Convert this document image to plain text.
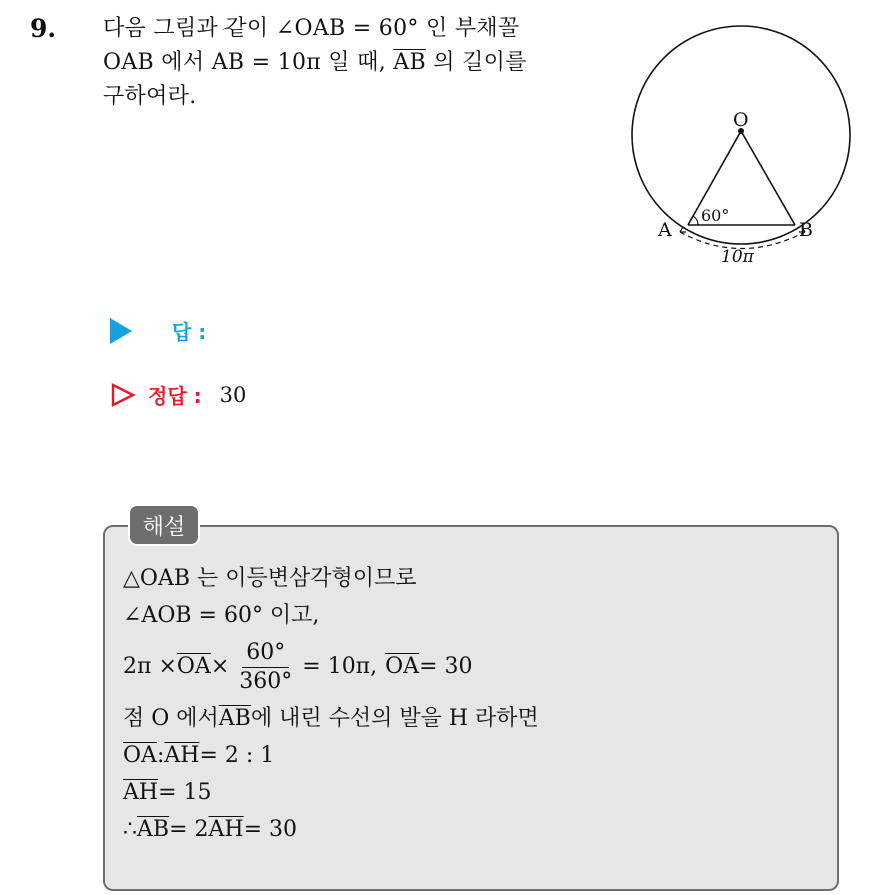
9. 다음 그림과 같이 ∠OAB = 60° 인 부채꼴
OAB 에서 ⌒ AB = 10π 일 때, $\overline{AB}$ 의 길이를
구하여라.
O
A	B
60°
10π
답 :
정답 : 30
해설
△OAB 는 이등변삼각형이므로
∠AOB = 60° 이고,
$2\pi \times \overline{OA} \times \frac{60^\circ}{360^\circ} = 10\pi$, $\overline{OA} = 30$
점 O 에서 $\overline{AB}$ 에 내린 수선의 발을 H 라하면
$\overline{OA}$ : $\overline{AH} = 2$ : 1
$\overline{AH} = 15$
∴ $\overline{AB} = 2$ $\overline{AH} = 30$
